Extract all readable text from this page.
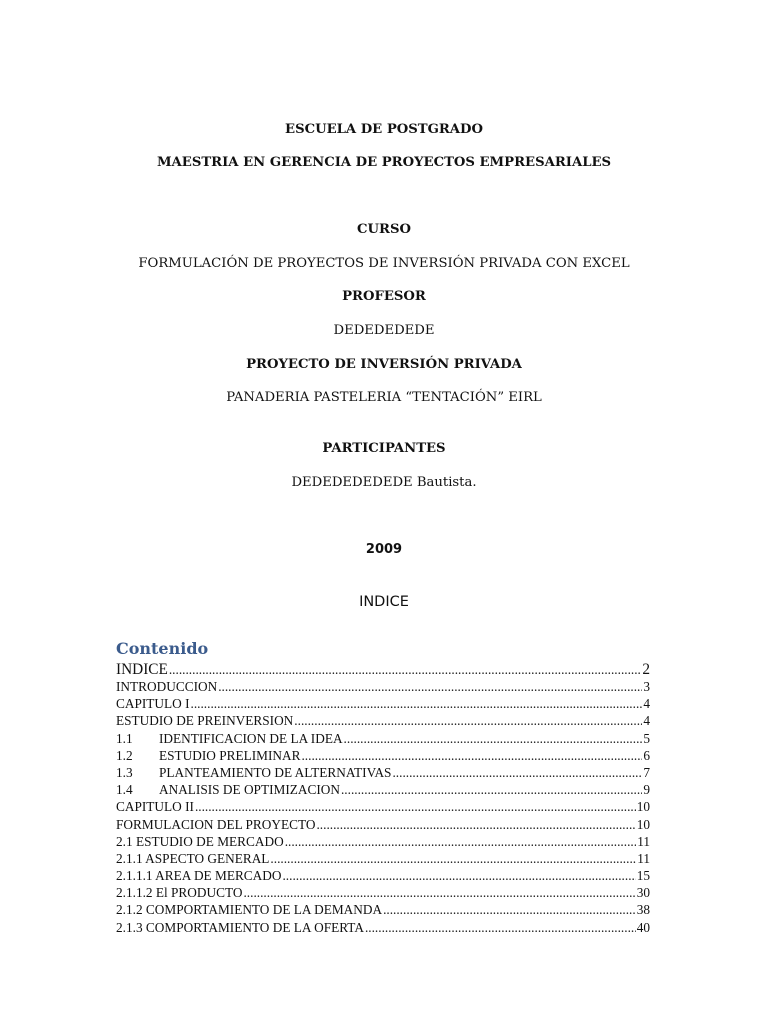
ESCUELA DE POSTGRADO
MAESTRIA EN GERENCIA DE PROYECTOS EMPRESARIALES
CURSO
FORMULACIÓN DE PROYECTOS DE INVERSIÓN PRIVADA CON EXCEL
PROFESOR
DEDEDEDEDE
PROYECTO DE INVERSIÓN PRIVADA
PANADERIA PASTELERIA “TENTACIÓN” EIRL
PARTICIPANTES
DEDEDEDEDEDE Bautista.
2009
INDICE
Contenido
INDICE .....	2
INTRODUCCION .....	3
CAPITULO I .....	4
ESTUDIO DE PREINVERSION .....	4
1.1	IDENTIFICACION DE LA IDEA .....	5
1.2	ESTUDIO PRELIMINAR .....	6
1.3	PLANTEAMIENTO DE ALTERNATIVAS .....	7
1.4	ANALISIS DE OPTIMIZACION .....	9
CAPITULO II .....	10
FORMULACION DEL PROYECTO .....	10
2.1 ESTUDIO DE MERCADO .....	11
2.1.1 ASPECTO GENERAL .....	11
2.1.1.1 AREA DE MERCADO .....	15
2.1.1.2 El PRODUCTO .....	30
2.1.2 COMPORTAMIENTO DE LA DEMANDA .....	38
2.1.3 COMPORTAMIENTO DE LA OFERTA .....	40
